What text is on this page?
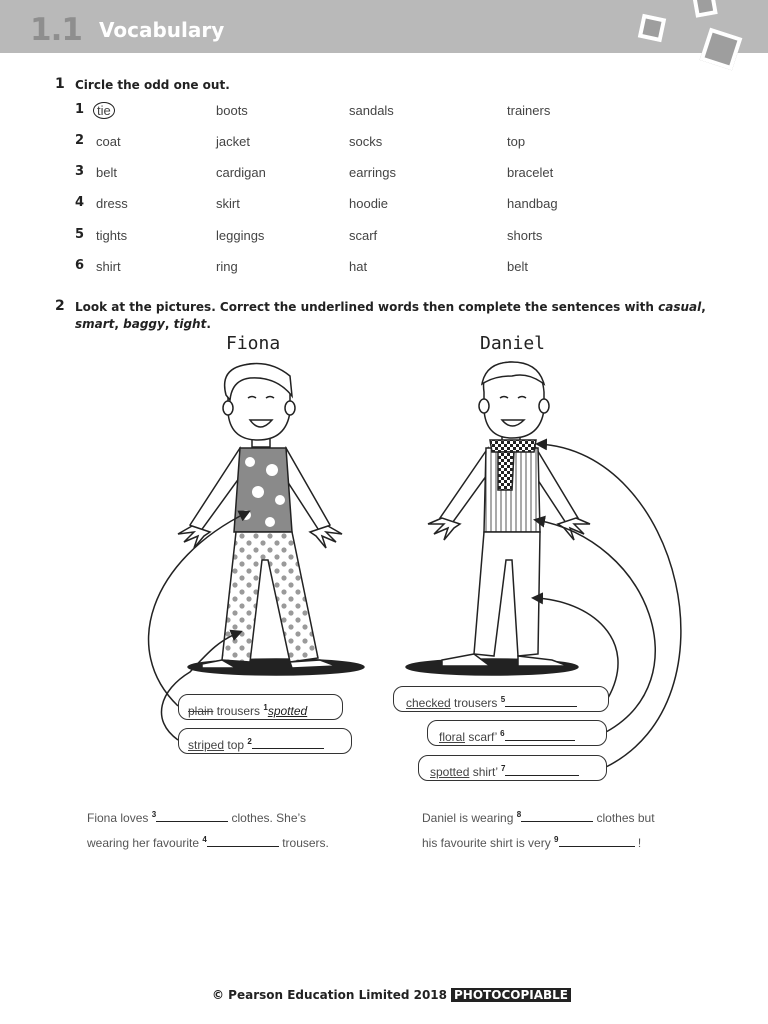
1.1 Vocabulary
1 Circle the odd one out.
1 tie	boots	sandals	trainers
2 coat	jacket	socks	top
3 belt	cardigan	earrings	bracelet
4 dress	skirt	hoodie	handbag
5 tights	leggings	scarf	shorts
6 shirt	ring	hat	belt
2 Look at the pictures. Correct the underlined words then complete the sentences with casual, smart, baggy, tight.
Fiona	Daniel
plain trousers $^1$spotted
striped top $^2$
checked trousers $^5$
floral scarf’ $^6$
spotted shirt’ $^7$
Fiona loves $^3$	clothes. She’s
wearing her favourite $^4$	trousers.
Daniel is wearing $^8$	clothes but
his favourite shirt is very $^9$	!
© Pearson Education Limited 2018 PHOTOCOPIABLE
